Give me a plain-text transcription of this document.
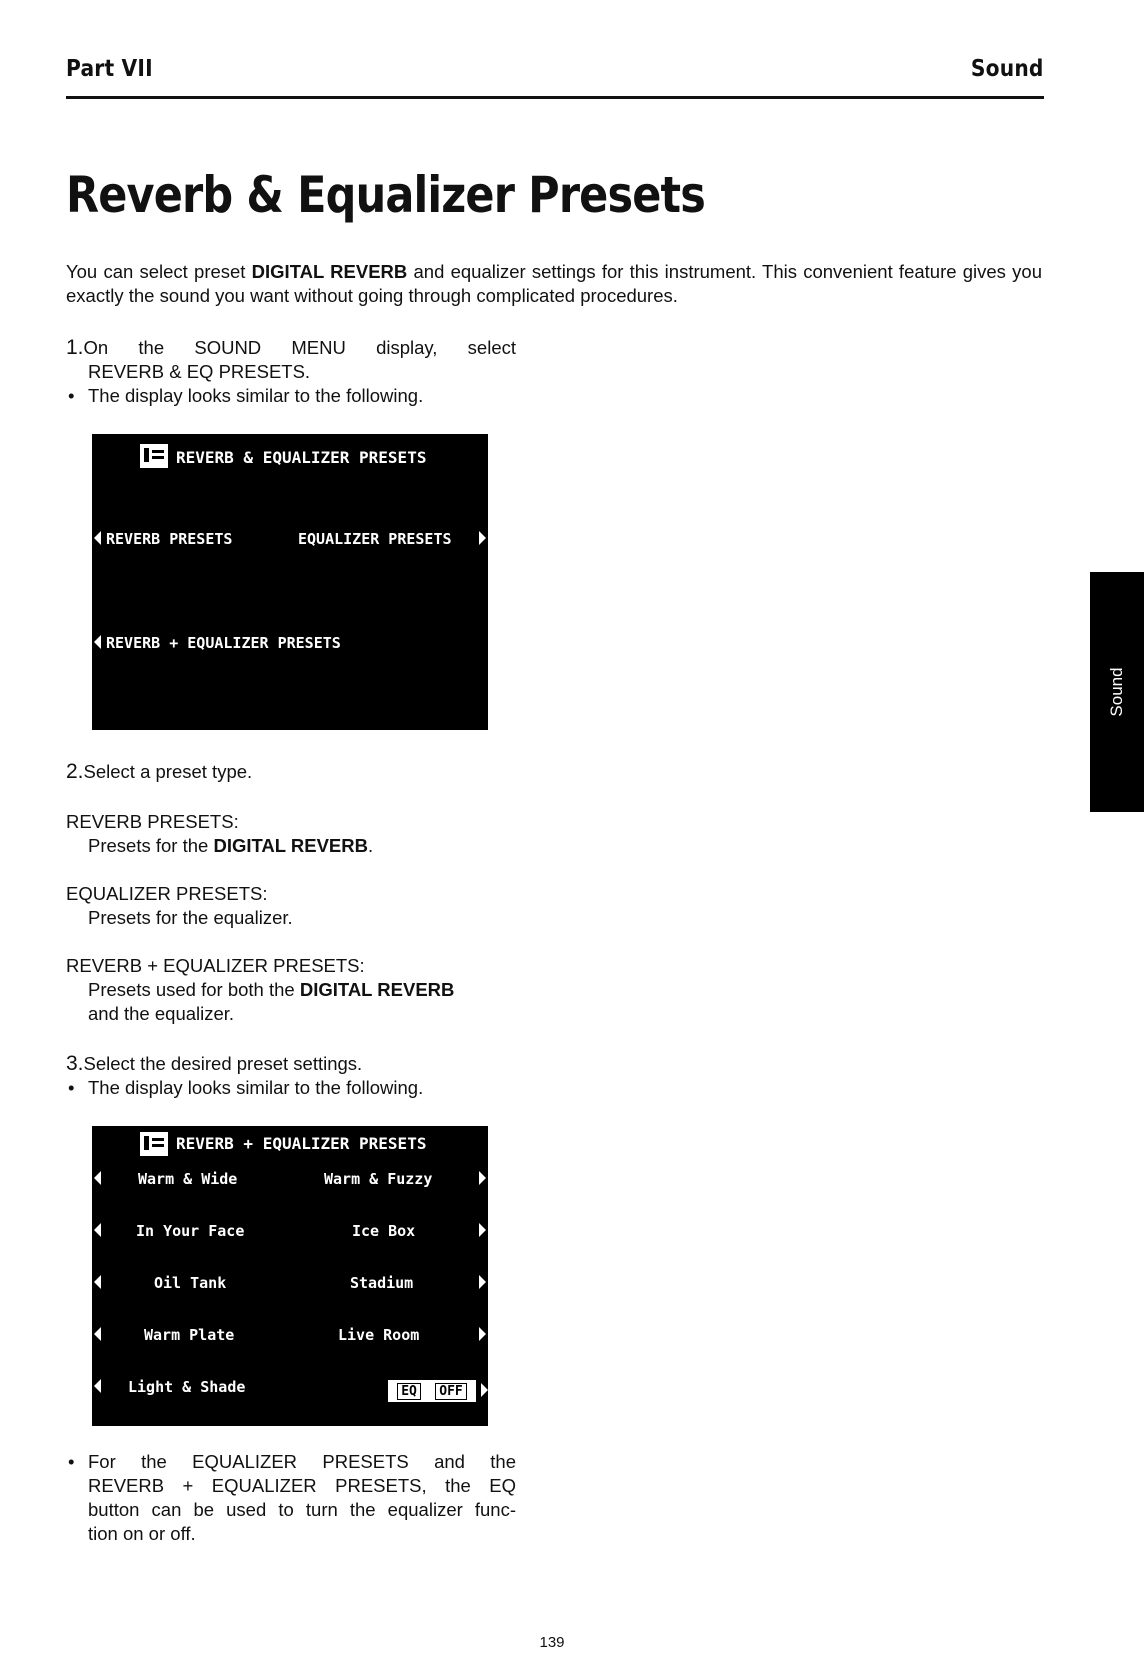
Part VII	Sound
Reverb & Equalizer Presets
You can select preset DIGITAL REVERB and equalizer settings for this instrument. This convenient feature gives you exactly the sound you want without going through complicated procedures.
1.On the SOUND MENU display, select
REVERB & EQ PRESETS.
• The display looks similar to the following.
REVERB & EQUALIZER PRESETS
REVERB PRESETS	EQUALIZER PRESETS
REVERB + EQUALIZER PRESETS
2.Select a preset type.
REVERB PRESETS:
Presets for the DIGITAL REVERB.
EQUALIZER PRESETS:
Presets for the equalizer.
REVERB + EQUALIZER PRESETS:
Presets used for both the DIGITAL REVERB
and the equalizer.
3.Select the desired preset settings.
• The display looks similar to the following.
REVERB + EQUALIZER PRESETS
Warm & Wide	Warm & Fuzzy
In Your Face	Ice Box
Oil Tank	Stadium
Warm Plate	Live Room
Light & Shade	EQ	OFF
• For the EQUALIZER PRESETS and the
REVERB + EQUALIZER PRESETS, the EQ
button can be used to turn the equalizer func-
tion on or off.
Sound
139
